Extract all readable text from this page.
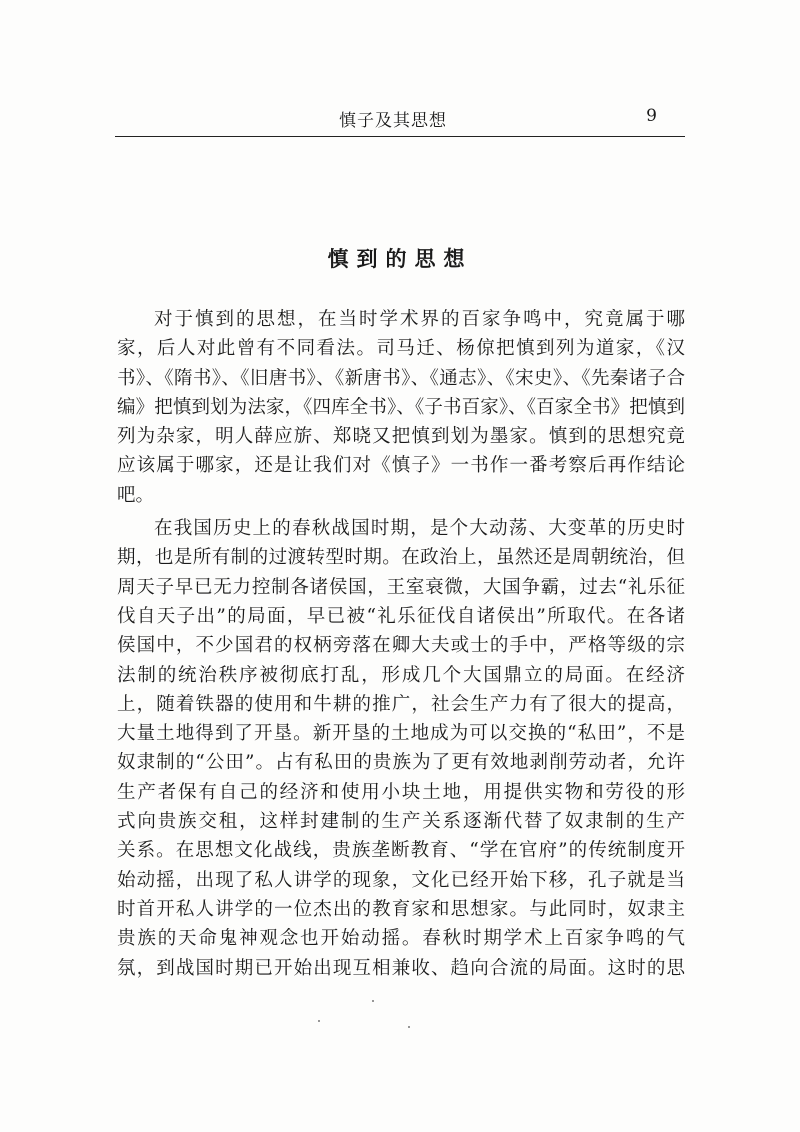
慎子及其思想	9
慎到的思想
对于慎到的思想，在当时学术界的百家争鸣中，究竟属于哪
家，后人对此曾有不同看法。司马迁、杨倞把慎到列为道家，《汉
书》、《隋书》、《旧唐书》、《新唐书》、《通志》、《宋史》、《先秦诸子合
编》把慎到划为法家，《四库全书》、《子书百家》、《百家全书》把慎到
列为杂家，明人薛应旂、郑晓又把慎到划为墨家。慎到的思想究竟
应该属于哪家，还是让我们对《慎子》一书作一番考察后再作结论
吧。
在我国历史上的春秋战国时期，是个大动荡、大变革的历史时
期，也是所有制的过渡转型时期。在政治上，虽然还是周朝统治，但
周天子早已无力控制各诸侯国，王室衰微，大国争霸，过去“礼乐征
伐自天子出”的局面，早已被“礼乐征伐自诸侯出”所取代。在各诸
侯国中，不少国君的权柄旁落在卿大夫或士的手中，严格等级的宗
法制的统治秩序被彻底打乱，形成几个大国鼎立的局面。在经济
上，随着铁器的使用和牛耕的推广，社会生产力有了很大的提高，
大量土地得到了开垦。新开垦的土地成为可以交换的“私田”，不是
奴隶制的“公田”。占有私田的贵族为了更有效地剥削劳动者，允许
生产者保有自己的经济和使用小块土地，用提供实物和劳役的形
式向贵族交租，这样封建制的生产关系逐渐代替了奴隶制的生产
关系。在思想文化战线，贵族垄断教育、“学在官府”的传统制度开
始动摇，出现了私人讲学的现象，文化已经开始下移，孔子就是当
时首开私人讲学的一位杰出的教育家和思想家。与此同时，奴隶主
贵族的天命鬼神观念也开始动摇。春秋时期学术上百家争鸣的气
氛，到战国时期已开始出现互相兼收、趋向合流的局面。这时的思
